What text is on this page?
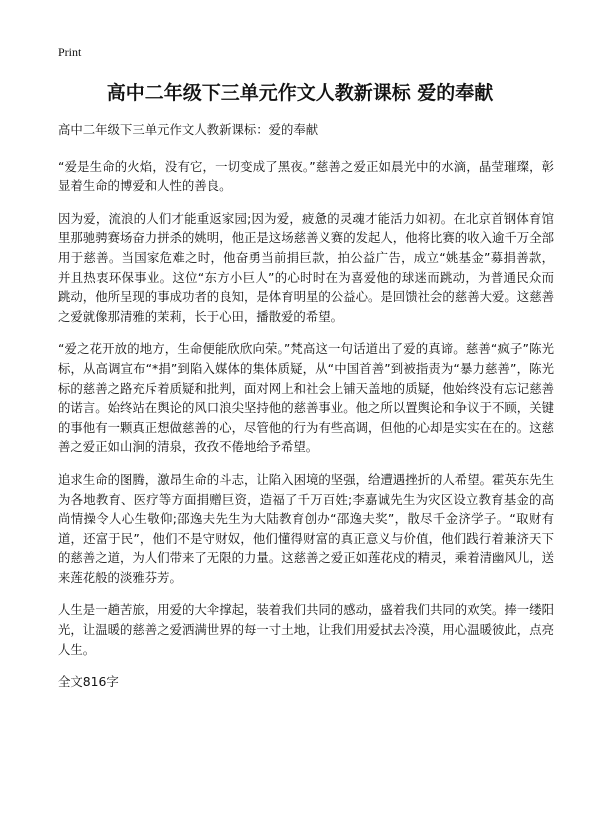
Print
高中二年级下三单元作文人教新课标 爱的奉献

高中二年级下三单元作文人教新课标：爱的奉献

“爱是生命的火焰，没有它，一切变成了黑夜。”慈善之爱正如晨光中的水滴，晶莹璀璨，彰显着生命的博爱和人性的善良。

因为爱，流浪的人们才能重返家园;因为爱，疲惫的灵魂才能活力如初。在北京首钢体育馆里那驰骋赛场奋力拼杀的姚明，他正是这场慈善义赛的发起人，他将比赛的收入逾千万全部用于慈善。当国家危难之时，他奋勇当前捐巨款，拍公益广告，成立“姚基金”募捐善款，并且热衷环保事业。这位“东方小巨人”的心时时在为喜爱他的球迷而跳动，为普通民众而跳动，他所呈现的事成功者的良知，是体育明星的公益心。是回馈社会的慈善大爱。这慈善之爱就像那清雅的茉莉，长于心田，播散爱的希望。

“爱之花开放的地方，生命便能欣欣向荣。”梵高这一句话道出了爱的真谛。慈善“疯子”陈光标，从高调宣布“*捐”到陷入媒体的集体质疑，从“中国首善”到被指责为“暴力慈善”，陈光标的慈善之路充斥着质疑和批判，面对网上和社会上铺天盖地的质疑，他始终没有忘记慈善的诺言。始终站在舆论的风口浪尖坚持他的慈善事业。他之所以置舆论和争议于不顾，关键的事他有一颗真正想做慈善的心，尽管他的行为有些高调，但他的心却是实实在在的。这慈善之爱正如山涧的清泉，孜孜不倦地给予希望。

追求生命的图腾，激昂生命的斗志，让陷入困境的坚强，给遭遇挫折的人希望。霍英东先生为各地教育、医疗等方面捐赠巨资，造福了千万百姓;李嘉诚先生为灾区设立教育基金的高尚情操令人心生敬仰;邵逸夫先生为大陆教育创办“邵逸夫奖”，散尽千金济学子。“取财有道，还富于民”，他们不是守财奴，他们懂得财富的真正意义与价值，他们践行着兼济天下的慈善之道，为人们带来了无限的力量。这慈善之爱正如莲花戍的精灵，乘着清幽风儿，送来莲花般的淡雅芬芳。

人生是一趟苦旅，用爱的大伞撑起，装着我们共同的感动，盛着我们共同的欢笑。捧一缕阳光，让温暖的慈善之爱洒满世界的每一寸土地，让我们用爱拭去冷漠，用心温暖彼此，点亮人生。

全文816字
